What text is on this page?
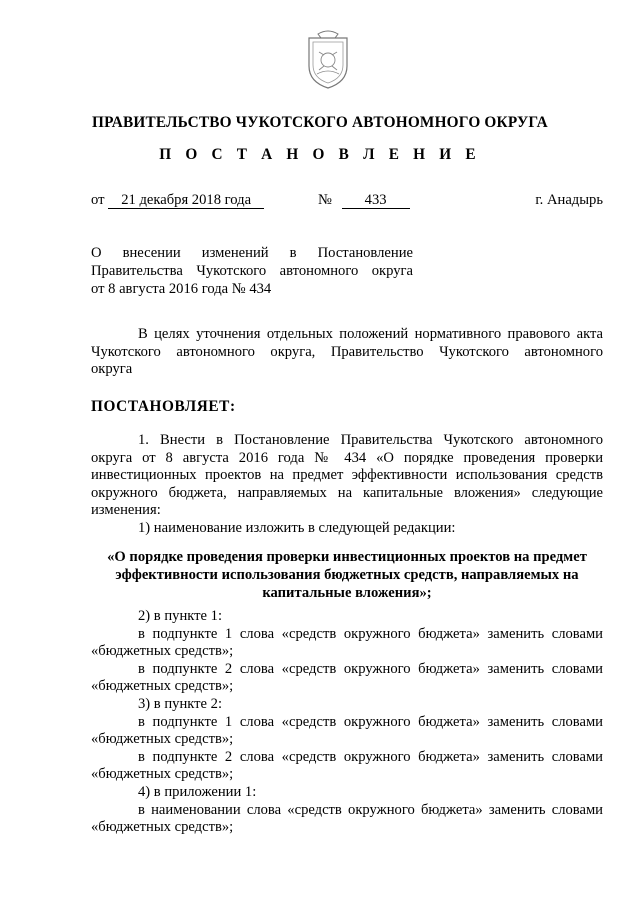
ПРАВИТЕЛЬСТВО ЧУКОТСКОГО АВТОНОМНОГО ОКРУГА
П О С Т А Н О В Л Е Н И Е
от 21 декабря 2018 года	№ 433	г. Анадырь
О внесении изменений в Постановление
Правительства Чукотского автономного округа
от 8 августа 2016 года № 434
В целях уточнения отдельных положений нормативного правового акта
Чукотского автономного округа, Правительство Чукотского автономного
округа
ПОСТАНОВЛЯЕТ:
1. Внести в Постановление Правительства Чукотского автономного
округа от 8 августа 2016 года № 434 «О порядке проведения проверки
инвестиционных проектов на предмет эффективности использования средств
окружного бюджета, направляемых на капитальные вложения» следующие
изменения:
1) наименование изложить в следующей редакции:
«О порядке проведения проверки инвестиционных проектов на предмет
эффективности использования бюджетных средств, направляемых на
капитальные вложения»;
2) в пункте 1:
в подпункте 1 слова «средств окружного бюджета» заменить словами
«бюджетных средств»;
в подпункте 2 слова «средств окружного бюджета» заменить словами
«бюджетных средств»;
3) в пункте 2:
в подпункте 1 слова «средств окружного бюджета» заменить словами
«бюджетных средств»;
в подпункте 2 слова «средств окружного бюджета» заменить словами
«бюджетных средств»;
4) в приложении 1:
в наименовании слова «средств окружного бюджета» заменить словами
«бюджетных средств»;
